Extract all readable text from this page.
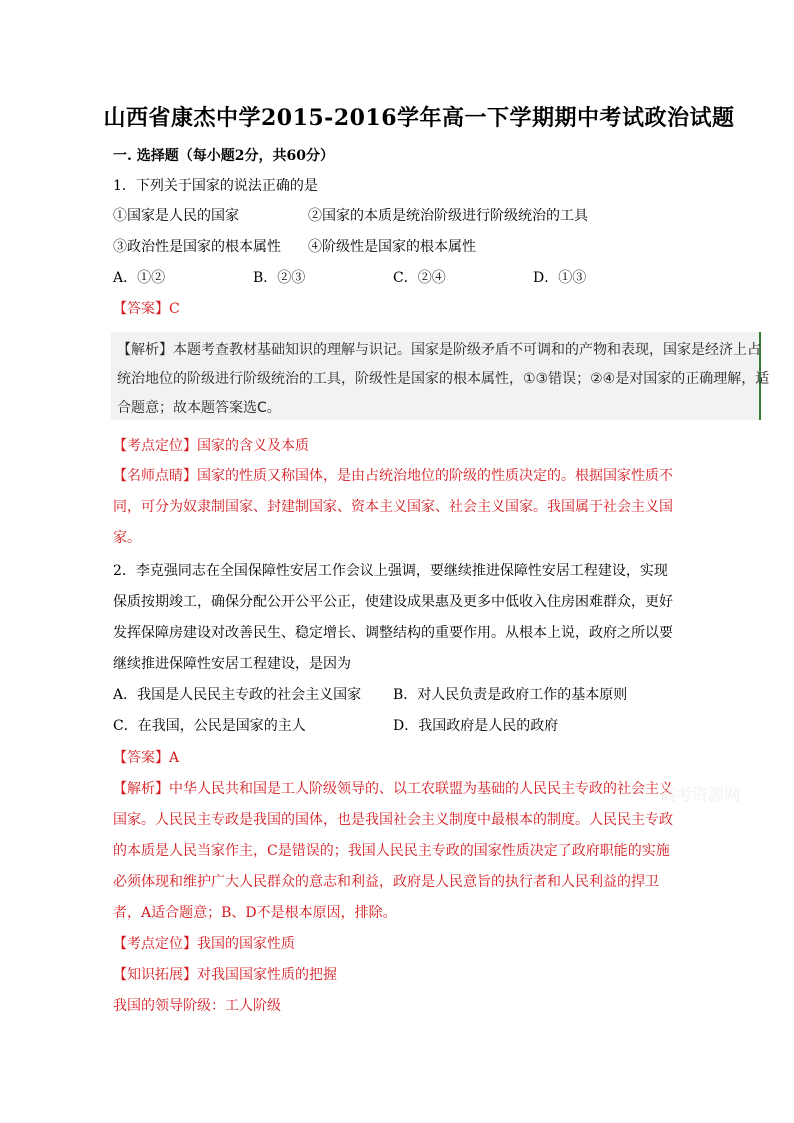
山西省康杰中学2015-2016学年高一下学期期中考试政治试题
一. 选择题（每小题2分，共60分）
1．下列关于国家的说法正确的是
①国家是人民的国家	②国家的本质是统治阶级进行阶级统治的工具
③政治性是国家的根本属性 ④阶级性是国家的根本属性
A．①②	B．②③	C．②④	D．①③
【答案】C
【解析】本题考查教材基础知识的理解与识记。国家是阶级矛盾不可调和的产物和表现，国家是经济上占
统治地位的阶级进行阶级统治的工具，阶级性是国家的根本属性，①③错误；②④是对国家的正确理解，适
合题意；故本题答案选C。
【考点定位】国家的含义及本质
【名师点睛】国家的性质又称国体，是由占统治地位的阶级的性质决定的。根据国家性质不
同，可分为奴隶制国家、封建制国家、资本主义国家、社会主义国家。我国属于社会主义国
家。
2．李克强同志在全国保障性安居工作会议上强调，要继续推进保障性安居工程建设，实现
保质按期竣工，确保分配公开公平公正，使建设成果惠及更多中低收入住房困难群众，更好
发挥保障房建设对改善民生、稳定增长、调整结构的重要作用。从根本上说，政府之所以要
继续推进保障性安居工程建设，是因为
A．我国是人民民主专政的社会主义国家 B．对人民负责是政府工作的基本原则
C．在我国，公民是国家的主人	D．我国政府是人民的政府
【答案】A
【解析】中华人民共和国是工人阶级领导的、以工农联盟为基础的人民民主专政的社会主义
国家。人民民主专政是我国的国体，也是我国社会主义制度中最根本的制度。人民民主专政
的本质是人民当家作主，C是错误的；我国人民民主专政的国家性质决定了政府职能的实施
必须体现和维护广大人民群众的意志和利益，政府是人民意旨的执行者和人民利益的捍卫
者，A适合题意；B、D不是根本原因，排除。
【考点定位】我国的国家性质
【知识拓展】对我国国家性质的把握
我国的领导阶级：工人阶级
高考资源网
